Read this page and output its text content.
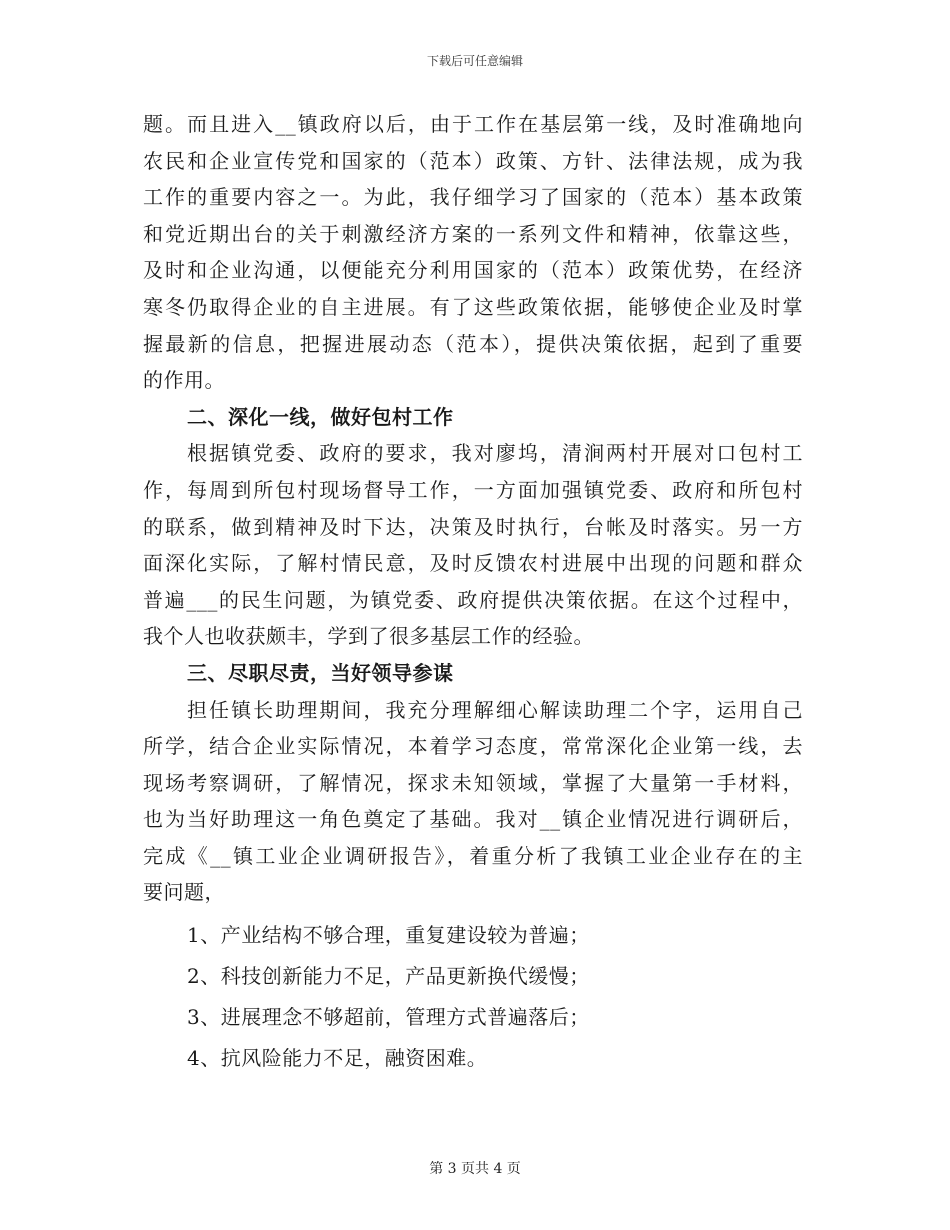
下载后可任意编辑
题。而且进入__镇政府以后，由于工作在基层第一线，及时准确地向
农民和企业宣传党和国家的（范本）政策、方针、法律法规，成为我
工作的重要内容之一。为此，我仔细学习了国家的（范本）基本政策
和党近期出台的关于刺激经济方案的一系列文件和精神，依靠这些，
及时和企业沟通，以便能充分利用国家的（范本）政策优势，在经济
寒冬仍取得企业的自主进展。有了这些政策依据，能够使企业及时掌
握最新的信息，把握进展动态（范本），提供决策依据，起到了重要
的作用。
二、深化一线，做好包村工作
根据镇党委、政府的要求，我对廖坞，清涧两村开展对口包村工
作，每周到所包村现场督导工作，一方面加强镇党委、政府和所包村
的联系，做到精神及时下达，决策及时执行，台帐及时落实。另一方
面深化实际，了解村情民意，及时反馈农村进展中出现的问题和群众
普遍___的民生问题，为镇党委、政府提供决策依据。在这个过程中，
我个人也收获颇丰，学到了很多基层工作的经验。
三、尽职尽责，当好领导参谋
担任镇长助理期间，我充分理解细心解读助理二个字，运用自己
所学，结合企业实际情况，本着学习态度，常常深化企业第一线，去
现场考察调研，了解情况，探求未知领域，掌握了大量第一手材料，
也为当好助理这一角色奠定了基础。我对__镇企业情况进行调研后，
完成《__镇工业企业调研报告》，着重分析了我镇工业企业存在的主
要问题，
1、产业结构不够合理，重复建设较为普遍；
2、科技创新能力不足，产品更新换代缓慢；
3、进展理念不够超前，管理方式普遍落后；
4、抗风险能力不足，融资困难。
第 3 页共 4 页
